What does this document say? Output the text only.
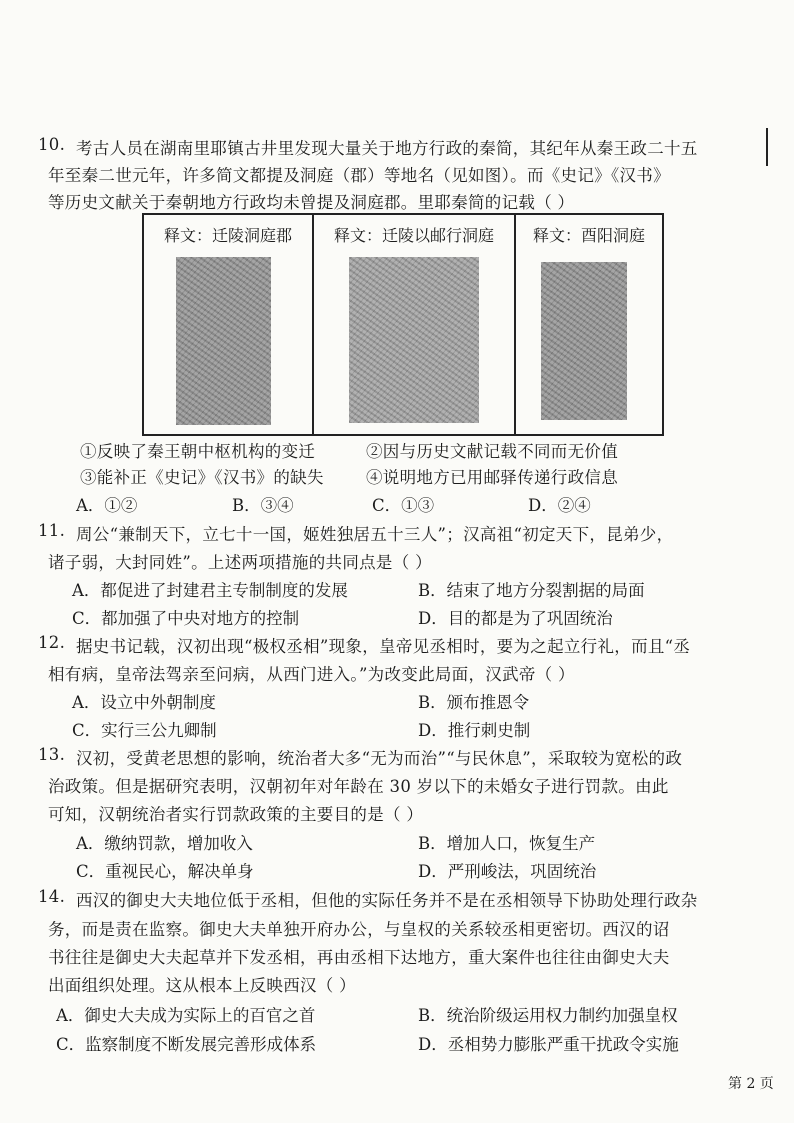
10. 考古人员在湖南里耶镇古井里发现大量关于地方行政的秦简，其纪年从秦王政二十五
年至秦二世元年，许多简文都提及洞庭（郡）等地名（见如图）。而《史记》《汉书》
等历史文献关于秦朝地方行政均未曾提及洞庭郡。里耶秦简的记载（ ）
释文：迁陵洞庭郡	释文：迁陵以邮行洞庭	释文：酉阳洞庭
①反映了秦王朝中枢机构的变迁	②因与历史文献记载不同而无价值
③能补正《史记》《汉书》的缺失	④说明地方已用邮驿传递行政信息
A．①②	B．③④	C．①③	D．②④
11. 周公“兼制天下，立七十一国，姬姓独居五十三人”；汉高祖“初定天下，昆弟少，
诸子弱，大封同姓”。上述两项措施的共同点是（ ）
A．都促进了封建君主专制制度的发展	B．结束了地方分裂割据的局面
C．都加强了中央对地方的控制	D．目的都是为了巩固统治
12. 据史书记载，汉初出现“极权丞相”现象，皇帝见丞相时，要为之起立行礼，而且“丞
相有病，皇帝法驾亲至问病，从西门进入。”为改变此局面，汉武帝（ ）
A．设立中外朝制度	B．颁布推恩令
C．实行三公九卿制	D．推行刺史制
13. 汉初，受黄老思想的影响，统治者大多“无为而治”“与民休息”，采取较为宽松的政
治政策。但是据研究表明，汉朝初年对年龄在 30 岁以下的未婚女子进行罚款。由此
可知，汉朝统治者实行罚款政策的主要目的是（ ）
A．缴纳罚款，增加收入	B．增加人口，恢复生产
C．重视民心，解决单身	D．严刑峻法，巩固统治
14. 西汉的御史大夫地位低于丞相，但他的实际任务并不是在丞相领导下协助处理行政杂
务，而是责在监察。御史大夫单独开府办公，与皇权的关系较丞相更密切。西汉的诏
书往往是御史大夫起草并下发丞相，再由丞相下达地方，重大案件也往往由御史大夫
出面组织处理。这从根本上反映西汉（ ）
A．御史大夫成为实际上的百官之首	B．统治阶级运用权力制约加强皇权
C．监察制度不断发展完善形成体系	D．丞相势力膨胀严重干扰政令实施
第 2 页
